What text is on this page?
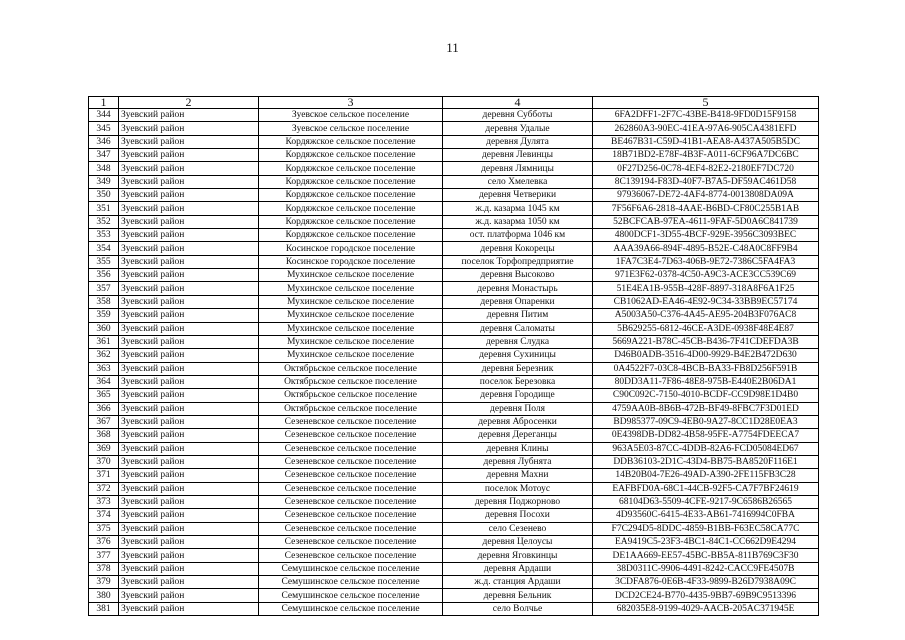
11
1	2	3	4	5
344	Зуевский район	Зуевское сельское поселение	деревня Субботы	6FA2DFF1-2F7C-43BE-B418-9FD0D15F9158
345	Зуевский район	Зуевское сельское поселение	деревня Удалые	262860A3-90EC-41EA-97A6-905CA4381EFD
346	Зуевский район	Кордяжское сельское поселение	деревня Дулята	BE467B31-C59D-41B1-AEA8-A437A505B5DC
347	Зуевский район	Кордяжское сельское поселение	деревня Левинцы	18B71BD2-E78F-4B3F-A011-6CF96A7DC6BC
348	Зуевский район	Кордяжское сельское поселение	деревня Лямницы	0F27D256-0C78-4EF4-82E2-2180EF7DC720
349	Зуевский район	Кордяжское сельское поселение	село Хмелевка	8C139194-F83D-40F7-B7A5-DF59AC461D58
350	Зуевский район	Кордяжское сельское поселение	деревня Четверики	97936067-DE72-4AF4-8774-0013808DA09A
351	Зуевский район	Кордяжское сельское поселение	ж.д. казарма 1045 км	7F56F6A6-2818-4AAE-B6BD-CF80C255B1AB
352	Зуевский район	Кордяжское сельское поселение	ж.д. казарма 1050 км	52BCFCAB-97EA-4611-9FAF-5D0A6C841739
353	Зуевский район	Кордяжское сельское поселение	ост. платформа 1046 км	4800DCF1-3D55-4BCF-929E-3956C3093BEC
354	Зуевский район	Косинское городское поселение	деревня Кокорецы	AAA39A66-894F-4895-B52E-C48A0C8FF9B4
355	Зуевский район	Косинское городское поселение	поселок Торфопредприятие	1FA7C3E4-7D63-406B-9E72-7386C5FA4FA3
356	Зуевский район	Мухинское сельское поселение	деревня Высоково	971E3F62-0378-4C50-A9C3-ACE3CC539C69
357	Зуевский район	Мухинское сельское поселение	деревня Монастырь	51E4EA1B-955B-428F-8897-318A8F6A1F25
358	Зуевский район	Мухинское сельское поселение	деревня Опаренки	CB1062AD-EA46-4E92-9C34-33BB9EC57174
359	Зуевский район	Мухинское сельское поселение	деревня Питим	A5003A50-C376-4A45-AE95-204B3F076AC8
360	Зуевский район	Мухинское сельское поселение	деревня Саломаты	5B629255-6812-46CE-A3DE-0938F48E4E87
361	Зуевский район	Мухинское сельское поселение	деревня Слудка	5669A221-B78C-45CB-B436-7F41CDEFDA3B
362	Зуевский район	Мухинское сельское поселение	деревня Сухиницы	D46B0ADB-3516-4D00-9929-B4E2B472D630
363	Зуевский район	Октябрьское сельское поселение	деревня Березник	0A4522F7-03C8-4BCB-BA33-FB8D256F591B
364	Зуевский район	Октябрьское сельское поселение	поселок Березовка	80DD3A11-7F86-48E8-975B-E440E2B06DA1
365	Зуевский район	Октябрьское сельское поселение	деревня Городище	C90C092C-7150-4010-BCDF-CC9D98E1D4B0
366	Зуевский район	Октябрьское сельское поселение	деревня Поля	4759AA0B-8B6B-472B-BF49-8FBC7F3D01ED
367	Зуевский район	Сезеневское сельское поселение	деревня Абросенки	BD985377-09C9-4EB0-9A27-8CC1D28E0EA3
368	Зуевский район	Сезеневское сельское поселение	деревня Дереганцы	0E4398DB-DD82-4B58-95FE-A7754FDEECA7
369	Зуевский район	Сезеневское сельское поселение	деревня Клины	963A5E03-87CC-4DDB-82A6-FCD05084ED67
370	Зуевский район	Сезеневское сельское поселение	деревня Лубнята	DDB36103-2D1C-43D4-BB75-BA8520F116E1
371	Зуевский район	Сезеневское сельское поселение	деревня Махни	14B20B04-7E26-49AD-A390-2FE115FB3C28
372	Зуевский район	Сезеневское сельское поселение	поселок Мотоус	EAFBFD0A-68C1-44CB-92F5-CA7F7BF24619
373	Зуевский район	Сезеневское сельское поселение	деревня Поджорново	68104D63-5509-4CFE-9217-9C6586B26565
374	Зуевский район	Сезеневское сельское поселение	деревня Посохи	4D93560C-6415-4E33-AB61-7416994C0FBA
375	Зуевский район	Сезеневское сельское поселение	село Сезенево	F7C294D5-8DDC-4859-B1BB-F63EC58CA77C
376	Зуевский район	Сезеневское сельское поселение	деревня Целоусы	EA9419C5-23F3-4BC1-84C1-CC662D9E4294
377	Зуевский район	Сезеневское сельское поселение	деревня Яговкинцы	DE1AA669-EE57-45BC-BB5A-811B769C3F30
378	Зуевский район	Семушинское сельское поселение	деревня Ардаши	38D0311C-9906-4491-8242-CACC9FE4507B
379	Зуевский район	Семушинское сельское поселение	ж.д. станция Ардаши	3CDFA876-0E6B-4F33-9899-B26D7938A09C
380	Зуевский район	Семушинское сельское поселение	деревня Бельник	DCD2CE24-B770-4435-9BB7-69B9C9513396
381	Зуевский район	Семушинское сельское поселение	село Волчье	682035E8-9199-4029-AACB-205AC371945E
